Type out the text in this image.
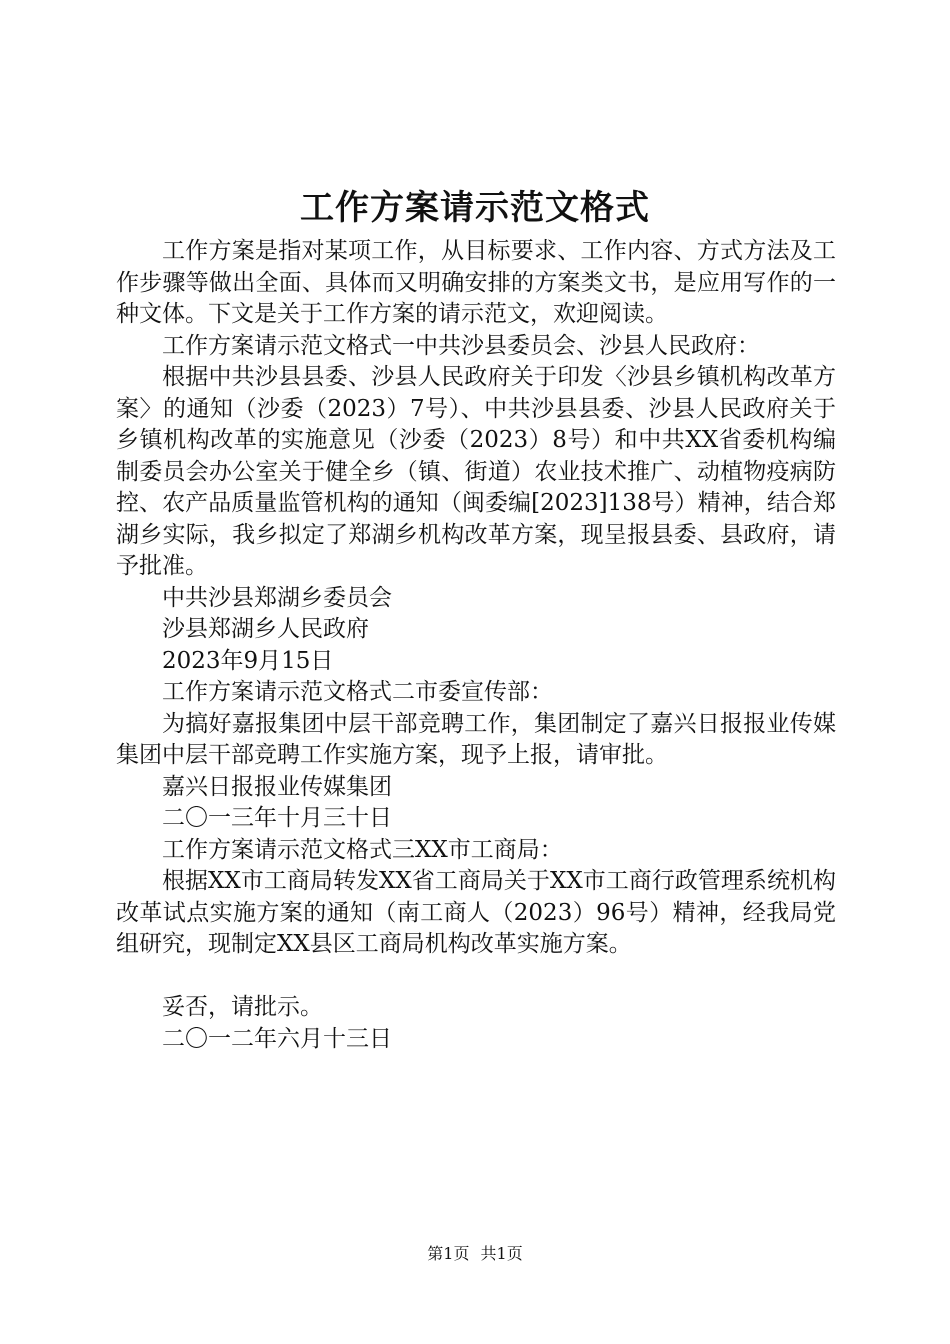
工作方案请示范文格式

工作方案是指对某项工作，从目标要求、工作内容、方式方法及工作步骤等做出全面、具体而又明确安排的方案类文书，是应用写作的一种文体。下文是关于工作方案的请示范文，欢迎阅读。

工作方案请示范文格式一中共沙县委员会、沙县人民政府：

根据中共沙县县委、沙县人民政府关于印发〈沙县乡镇机构改革方案〉的通知（沙委（2023）7号）、中共沙县县委、沙县人民政府关于乡镇机构改革的实施意见（沙委（2023）8号）和中共XX省委机构编制委员会办公室关于健全乡（镇、街道）农业技术推广、动植物疫病防控、农产品质量监管机构的通知（闽委编[2023]138号）精神，结合郑湖乡实际，我乡拟定了郑湖乡机构改革方案，现呈报县委、县政府，请予批准。

中共沙县郑湖乡委员会

沙县郑湖乡人民政府

2023年9月15日

工作方案请示范文格式二市委宣传部：

为搞好嘉报集团中层干部竞聘工作，集团制定了嘉兴日报报业传媒集团中层干部竞聘工作实施方案，现予上报，请审批。

嘉兴日报报业传媒集团

二〇一三年十月三十日

工作方案请示范文格式三XX市工商局：

根据XX市工商局转发XX省工商局关于XX市工商行政管理系统机构改革试点实施方案的通知（南工商人（2023）96号）精神，经我局党组研究，现制定XX县区工商局机构改革实施方案。

妥否，请批示。

二〇一二年六月十三日

第1页 共1页
